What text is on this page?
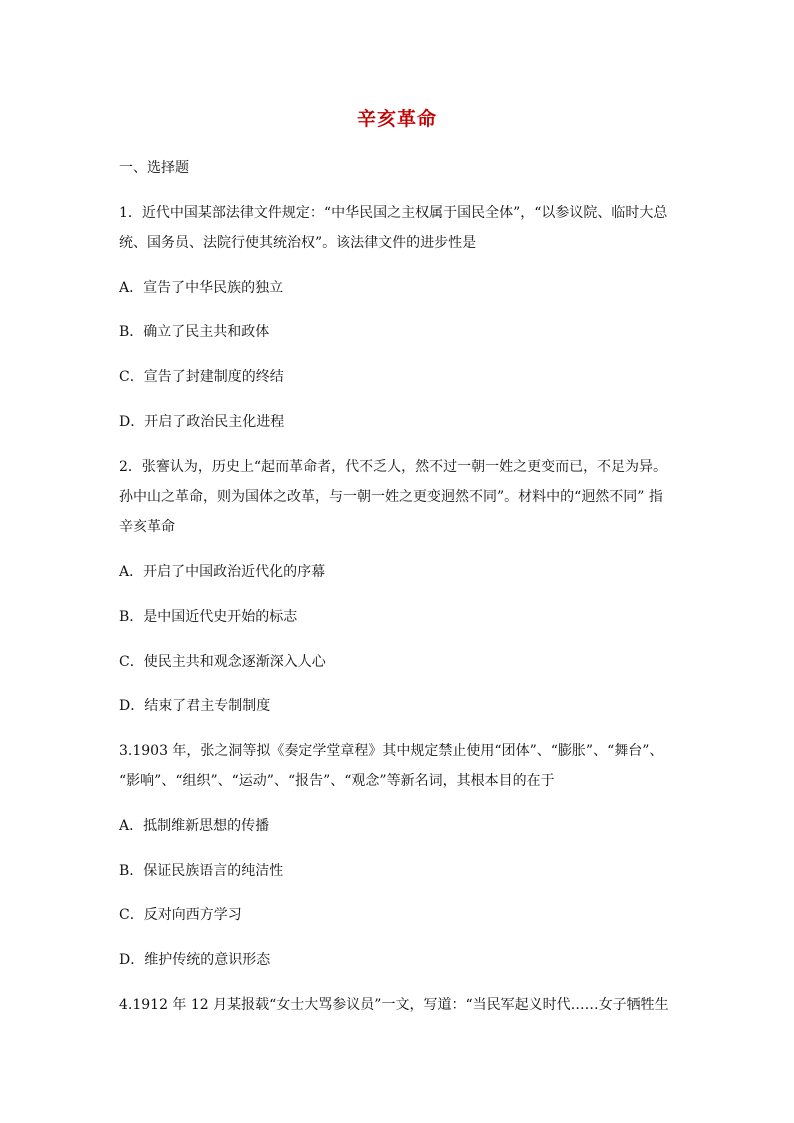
辛亥革命
一、选择题
1．近代中国某部法律文件规定：“中华民国之主权属于国民全体”，“以参议院、临时大总
统、国务员、法院行使其统治权”。该法律文件的进步性是
A．宣告了中华民族的独立
B．确立了民主共和政体
C．宣告了封建制度的终结
D．开启了政治民主化进程
2．张謇认为，历史上“起而革命者，代不乏人，然不过一朝一姓之更变而已，不足为异。
孙中山之革命，则为国体之改革，与一朝一姓之更变迥然不同”。材料中的“迥然不同” 指
辛亥革命
A．开启了中国政治近代化的序幕
B．是中国近代史开始的标志
C．使民主共和观念逐渐深入人心
D．结束了君主专制制度
3.1903 年，张之洞等拟《奏定学堂章程》其中规定禁止使用“团体”、“膨胀”、“舞台”、
“影响”、“组织”、“运动”、“报告”、“观念”等新名词，其根本目的在于
A．抵制维新思想的传播
B．保证民族语言的纯洁性
C．反对向西方学习
D．维护传统的意识形态
4.1912 年 12 月某报载“女士大骂参议员”一文，写道：“当民军起义时代……女子牺牲生
